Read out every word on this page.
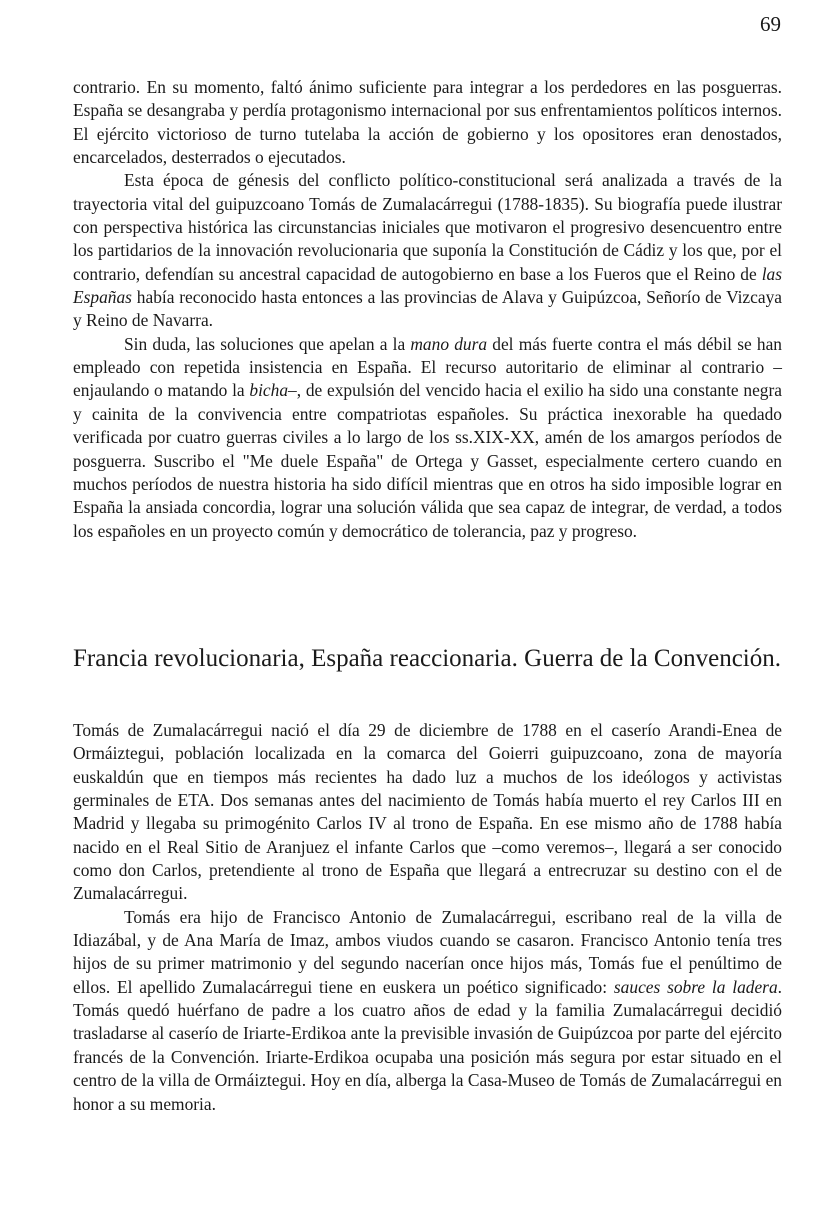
69

contrario. En su momento, faltó ánimo suficiente para integrar a los perdedores en las posguerras. España se desangraba y perdía protagonismo internacional por sus enfrentamientos políticos internos. El ejército victorioso de turno tutelaba la acción de gobierno y los opositores eran denostados, encarcelados, desterrados o ejecutados.

Esta época de génesis del conflicto político-constitucional será analizada a través de la trayectoria vital del guipuzcoano Tomás de Zumalacárregui (1788-1835). Su biografía puede ilustrar con perspectiva histórica las circunstancias iniciales que motivaron el progresivo desencuentro entre los partidarios de la innovación revolucionaria que suponía la Constitución de Cádiz y los que, por el contrario, defendían su ancestral capacidad de autogobierno en base a los Fueros que el Reino de las Españas había reconocido hasta entonces a las provincias de Alava y Guipúzcoa, Señorío de Vizcaya y Reino de Navarra.

Sin duda, las soluciones que apelan a la mano dura del más fuerte contra el más débil se han empleado con repetida insistencia en España. El recurso autoritario de eliminar al contrario –enjaulando o matando la bicha–, de expulsión del vencido hacia el exilio ha sido una constante negra y cainita de la convivencia entre compatriotas españoles. Su práctica inexorable ha quedado verificada por cuatro guerras civiles a lo largo de los ss.XIX-XX, amén de los amargos períodos de posguerra. Suscribo el "Me duele España" de Ortega y Gasset, especialmente certero cuando en muchos períodos de nuestra historia ha sido difícil mientras que en otros ha sido imposible lograr en España la ansiada concordia, lograr una solución válida que sea capaz de integrar, de verdad, a todos los españoles en un proyecto común y democrático de tolerancia, paz y progreso.

Francia revolucionaria, España reaccionaria. Guerra de la Convención.

Tomás de Zumalacárregui nació el día 29 de diciembre de 1788 en el caserío Arandi-Enea de Ormáiztegui, población localizada en la comarca del Goierri guipuzcoano, zona de mayoría euskaldún que en tiempos más recientes ha dado luz a muchos de los ideólogos y activistas germinales de ETA. Dos semanas antes del nacimiento de Tomás había muerto el rey Carlos III en Madrid y llegaba su primogénito Carlos IV al trono de España. En ese mismo año de 1788 había nacido en el Real Sitio de Aranjuez el infante Carlos que –como veremos–, llegará a ser conocido como don Carlos, pretendiente al trono de España que llegará a entrecruzar su destino con el de Zumalacárregui.

Tomás era hijo de Francisco Antonio de Zumalacárregui, escribano real de la villa de Idiazábal, y de Ana María de Imaz, ambos viudos cuando se casaron. Francisco Antonio tenía tres hijos de su primer matrimonio y del segundo nacerían once hijos más, Tomás fue el penúltimo de ellos. El apellido Zumalacárregui tiene en euskera un poético significado: sauces sobre la ladera. Tomás quedó huérfano de padre a los cuatro años de edad y la familia Zumalacárregui decidió trasladarse al caserío de Iriarte-Erdikoa ante la previsible invasión de Guipúzcoa por parte del ejército francés de la Convención. Iriarte-Erdikoa ocupaba una posición más segura por estar situado en el centro de la villa de Ormáiztegui. Hoy en día, alberga la Casa-Museo de Tomás de Zumalacárregui en honor a su memoria.
